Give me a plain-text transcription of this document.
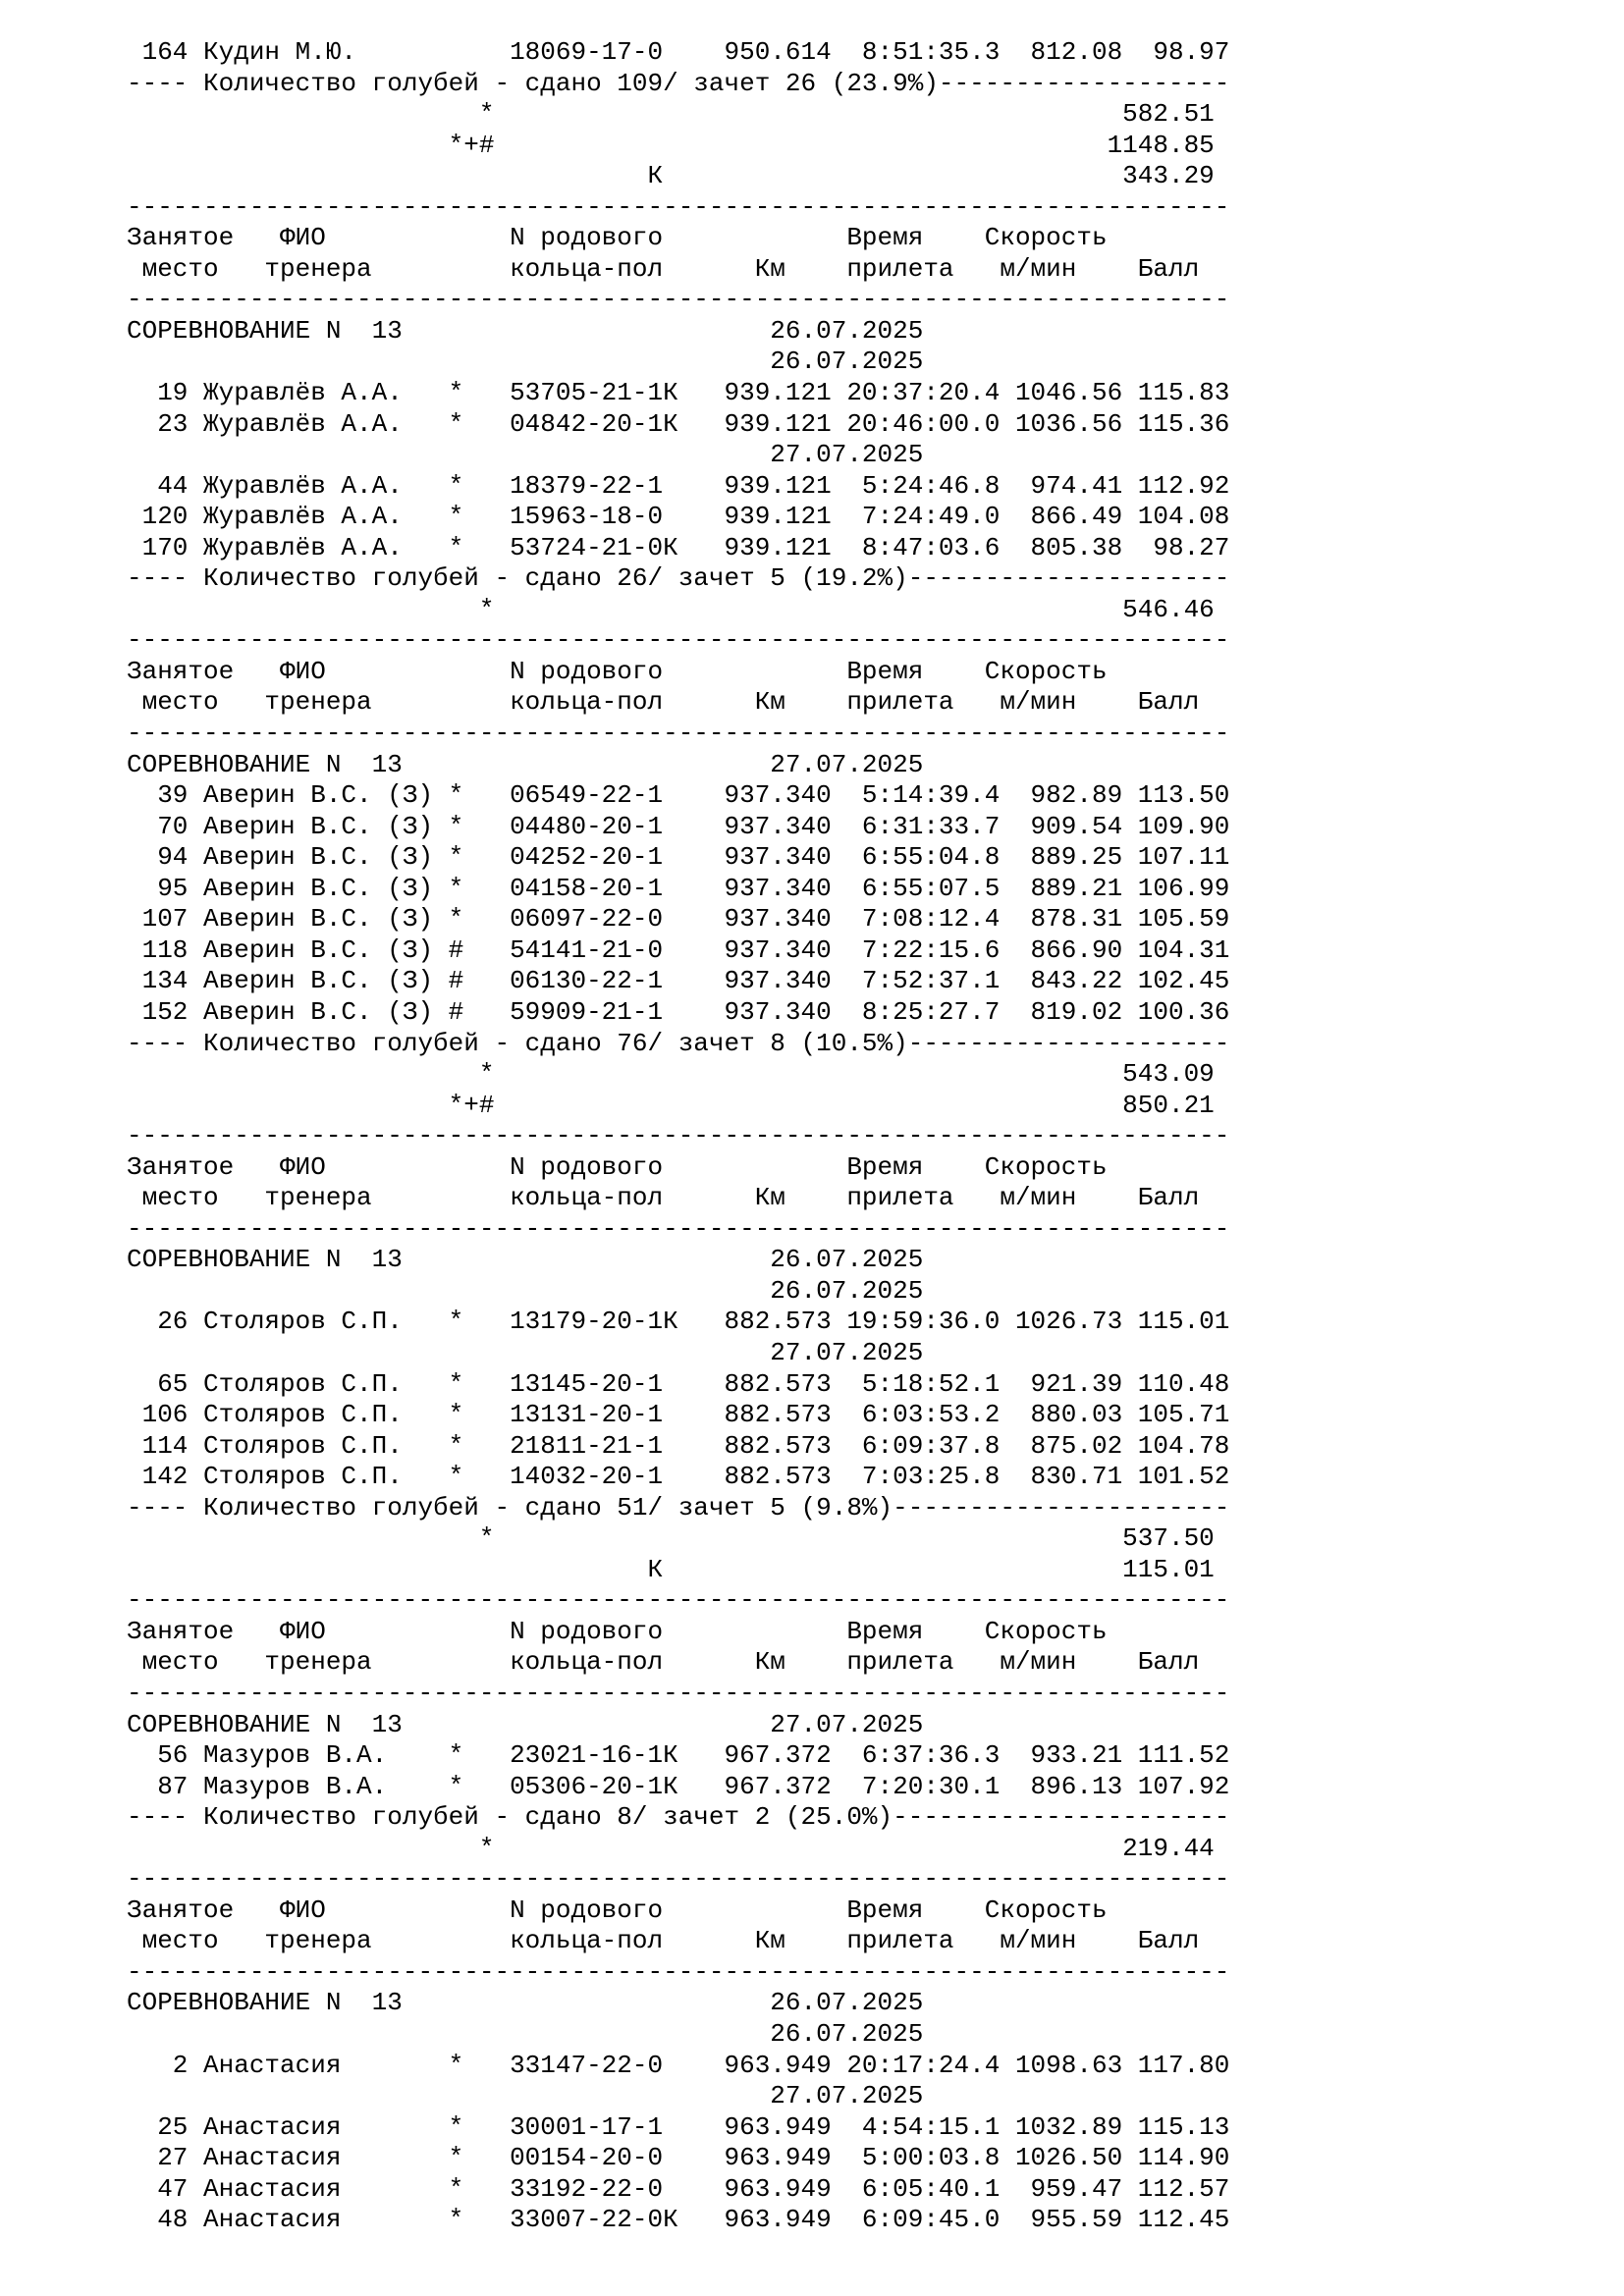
164 Кудин М.Ю.          18069-17-0    950.614  8:51:35.3  812.08  98.97
---- Количество голубей - сдано 109/ зачет 26 (23.9%)-------------------
*                                         582.51
*+#                                        1148.85
К                              343.29
------------------------------------------------------------------------
Занятое   ФИО            N родового            Время    Скорость
место   тренера         кольца-пол      Км    прилета   м/мин    Балл
------------------------------------------------------------------------
СОРЕВНОВАНИЕ N  13                        26.07.2025
26.07.2025
19 Журавлёв А.А.   *   53705-21-1К   939.121 20:37:20.4 1046.56 115.83
23 Журавлёв А.А.   *   04842-20-1К   939.121 20:46:00.0 1036.56 115.36
27.07.2025
44 Журавлёв А.А.   *   18379-22-1    939.121  5:24:46.8  974.41 112.92
120 Журавлёв А.А.   *   15963-18-0    939.121  7:24:49.0  866.49 104.08
170 Журавлёв А.А.   *   53724-21-0К   939.121  8:47:03.6  805.38  98.27
---- Количество голубей - сдано 26/ зачет 5 (19.2%)---------------------
*                                         546.46
------------------------------------------------------------------------
Занятое   ФИО            N родового            Время    Скорость
место   тренера         кольца-пол      Км    прилета   м/мин    Балл
------------------------------------------------------------------------
СОРЕВНОВАНИЕ N  13                        27.07.2025
39 Аверин В.С. (З) *   06549-22-1    937.340  5:14:39.4  982.89 113.50
70 Аверин В.С. (З) *   04480-20-1    937.340  6:31:33.7  909.54 109.90
94 Аверин В.С. (З) *   04252-20-1    937.340  6:55:04.8  889.25 107.11
95 Аверин В.С. (З) *   04158-20-1    937.340  6:55:07.5  889.21 106.99
107 Аверин В.С. (З) *   06097-22-0    937.340  7:08:12.4  878.31 105.59
118 Аверин В.С. (З) #   54141-21-0    937.340  7:22:15.6  866.90 104.31
134 Аверин В.С. (З) #   06130-22-1    937.340  7:52:37.1  843.22 102.45
152 Аверин В.С. (З) #   59909-21-1    937.340  8:25:27.7  819.02 100.36
---- Количество голубей - сдано 76/ зачет 8 (10.5%)---------------------
*                                         543.09
*+#                                         850.21
------------------------------------------------------------------------
Занятое   ФИО            N родового            Время    Скорость
место   тренера         кольца-пол      Км    прилета   м/мин    Балл
------------------------------------------------------------------------
СОРЕВНОВАНИЕ N  13                        26.07.2025
26.07.2025
26 Столяров С.П.   *   13179-20-1К   882.573 19:59:36.0 1026.73 115.01
27.07.2025
65 Столяров С.П.   *   13145-20-1    882.573  5:18:52.1  921.39 110.48
106 Столяров С.П.   *   13131-20-1    882.573  6:03:53.2  880.03 105.71
114 Столяров С.П.   *   21811-21-1    882.573  6:09:37.8  875.02 104.78
142 Столяров С.П.   *   14032-20-1    882.573  7:03:25.8  830.71 101.52
---- Количество голубей - сдано 51/ зачет 5 (9.8%)----------------------
*                                         537.50
К                              115.01
------------------------------------------------------------------------
Занятое   ФИО            N родового            Время    Скорость
место   тренера         кольца-пол      Км    прилета   м/мин    Балл
------------------------------------------------------------------------
СОРЕВНОВАНИЕ N  13                        27.07.2025
56 Мазуров В.А.    *   23021-16-1К   967.372  6:37:36.3  933.21 111.52
87 Мазуров В.А.    *   05306-20-1К   967.372  7:20:30.1  896.13 107.92
---- Количество голубей - сдано 8/ зачет 2 (25.0%)----------------------
*                                         219.44
------------------------------------------------------------------------
Занятое   ФИО            N родового            Время    Скорость
место   тренера         кольца-пол      Км    прилета   м/мин    Балл
------------------------------------------------------------------------
СОРЕВНОВАНИЕ N  13                        26.07.2025
26.07.2025
2 Анастасия       *   33147-22-0    963.949 20:17:24.4 1098.63 117.80
27.07.2025
25 Анастасия       *   30001-17-1    963.949  4:54:15.1 1032.89 115.13
27 Анастасия       *   00154-20-0    963.949  5:00:03.8 1026.50 114.90
47 Анастасия       *   33192-22-0    963.949  6:05:40.1  959.47 112.57
48 Анастасия       *   33007-22-0К   963.949  6:09:45.0  955.59 112.45
